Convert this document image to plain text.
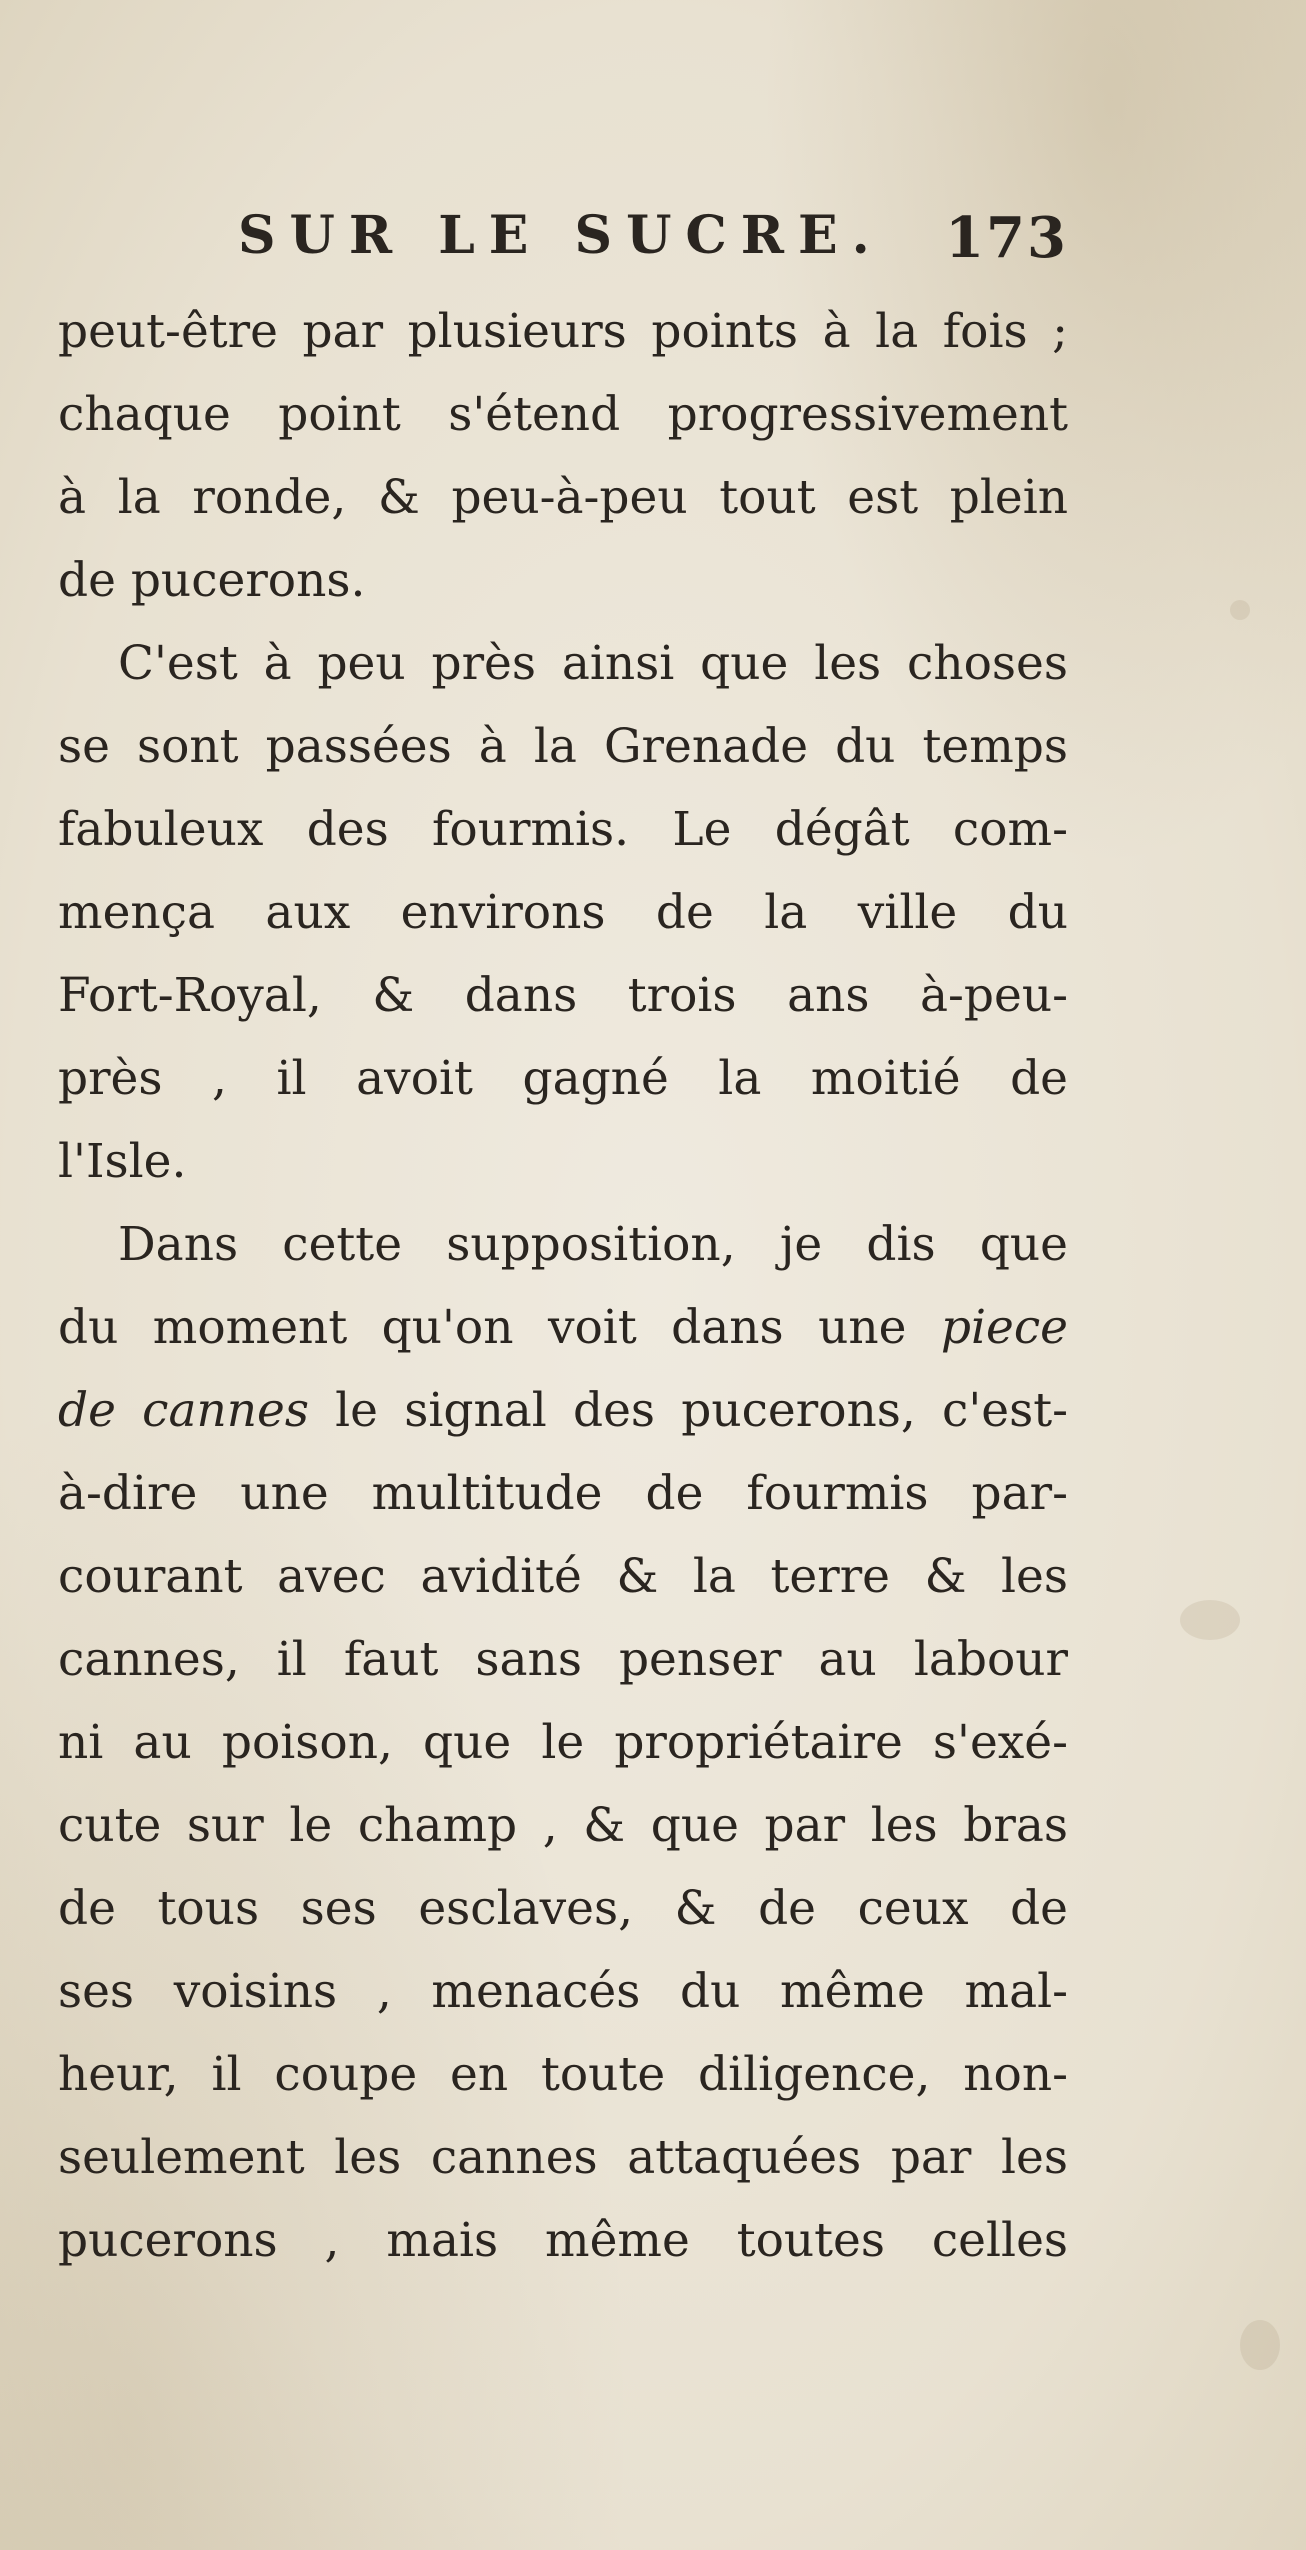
SUR LE SUCRE. 173
peut-être par plusieurs points à la fois ;
chaque point s'étend progressivement
à la ronde, & peu-à-peu tout est plein
de pucerons.
C'est à peu près ainsi que les choses
se sont passées à la Grenade du temps
fabuleux des fourmis. Le dégât com-
mença aux environs de la ville du
Fort-Royal, & dans trois ans à-peu-
près , il avoit gagné la moitié de
l'Isle.
Dans cette supposition, je dis que
du moment qu'on voit dans une piece
de cannes le signal des pucerons, c'est-
à-dire une multitude de fourmis par-
courant avec avidité & la terre & les
cannes, il faut sans penser au labour
ni au poison, que le propriétaire s'exé-
cute sur le champ , & que par les bras
de tous ses esclaves, & de ceux de
ses voisins , menacés du même mal-
heur, il coupe en toute diligence, non-
seulement les cannes attaquées par les
pucerons , mais même toutes celles
